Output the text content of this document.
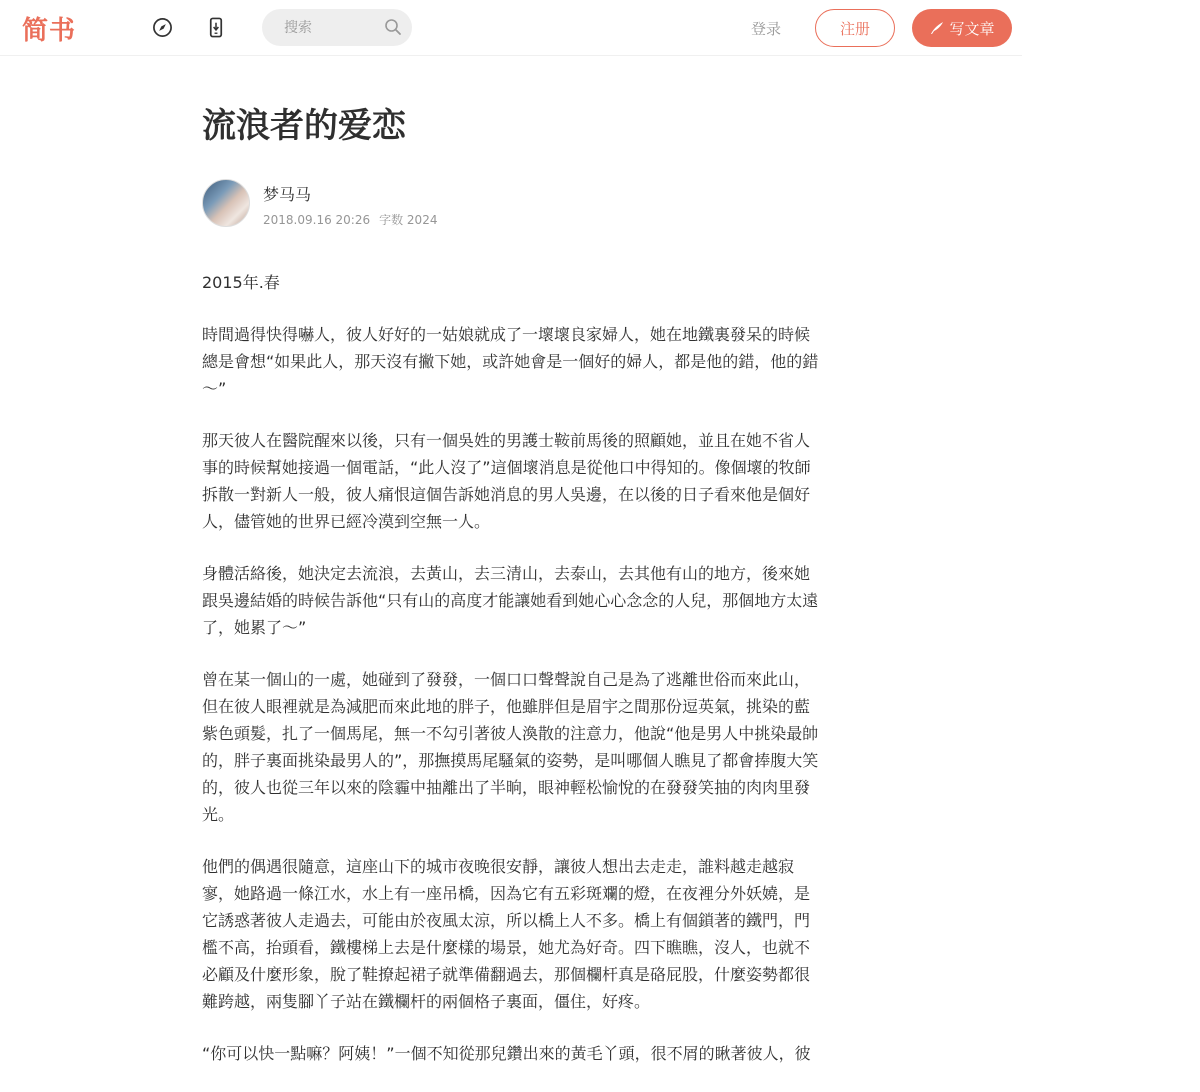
简书
搜索	登录	注册	写文章
流浪者的爱恋
梦马马
2018.09.16 20:26 字数 2024

2015年.春

時間過得快得嚇人，彼人好好的一姑娘就成了一壞壞良家婦人，她在地鐵裏發呆的時候總是會想“如果此人，那天沒有撇下她，或許她會是一個好的婦人，都是他的錯，他的錯～”

那天彼人在醫院醒來以後，只有一個吳姓的男護士鞍前馬後的照顧她，並且在她不省人事的時候幫她接過一個電話，“此人沒了”這個壞消息是從他口中得知的。像個壞的牧師拆散一對新人一般，彼人痛恨這個告訴她消息的男人吳邊，在以後的日子看來他是個好人，儘管她的世界已經冷漠到空無一人。

身體活絡後，她決定去流浪，去黃山，去三清山，去泰山，去其他有山的地方，後來她跟吳邊結婚的時候告訴他“只有山的高度才能讓她看到她心心念念的人兒，那個地方太遠了，她累了～”

曾在某一個山的一處，她碰到了發發，一個口口聲聲說自己是為了逃離世俗而來此山，但在彼人眼裡就是為減肥而來此地的胖子，他雖胖但是眉宇之間那份逗英氣，挑染的藍紫色頭髮，扎了一個馬尾，無一不勾引著彼人渙散的注意力，他說“他是男人中挑染最帥的，胖子裏面挑染最男人的”，那撫摸馬尾騷氣的姿勢，是叫哪個人瞧見了都會捧腹大笑的，彼人也從三年以來的陰霾中抽離出了半晌，眼神輕松愉悅的在發發笑抽的肉肉里發光。

他們的偶遇很隨意，這座山下的城市夜晚很安靜，讓彼人想出去走走，誰料越走越寂寥，她路過一條江水，水上有一座吊橋，因為它有五彩斑斕的燈，在夜裡分外妖嬈，是它誘惑著彼人走過去，可能由於夜風太涼，所以橋上人不多。橋上有個鎖著的鐵門，門檻不高，抬頭看，鐵樓梯上去是什麼樣的場景，她尤為好奇。四下瞧瞧，沒人，也就不必顧及什麼形象，脫了鞋撩起裙子就準備翻過去，那個欄杆真是硌屁股，什麼姿勢都很難跨越，兩隻腳丫子站在鐵欄杆的兩個格子裏面，僵住，好疼。

“你可以快一點嘛？阿姨！”一個不知從那兒鑽出來的黃毛丫頭，很不屑的瞅著彼人，彼
